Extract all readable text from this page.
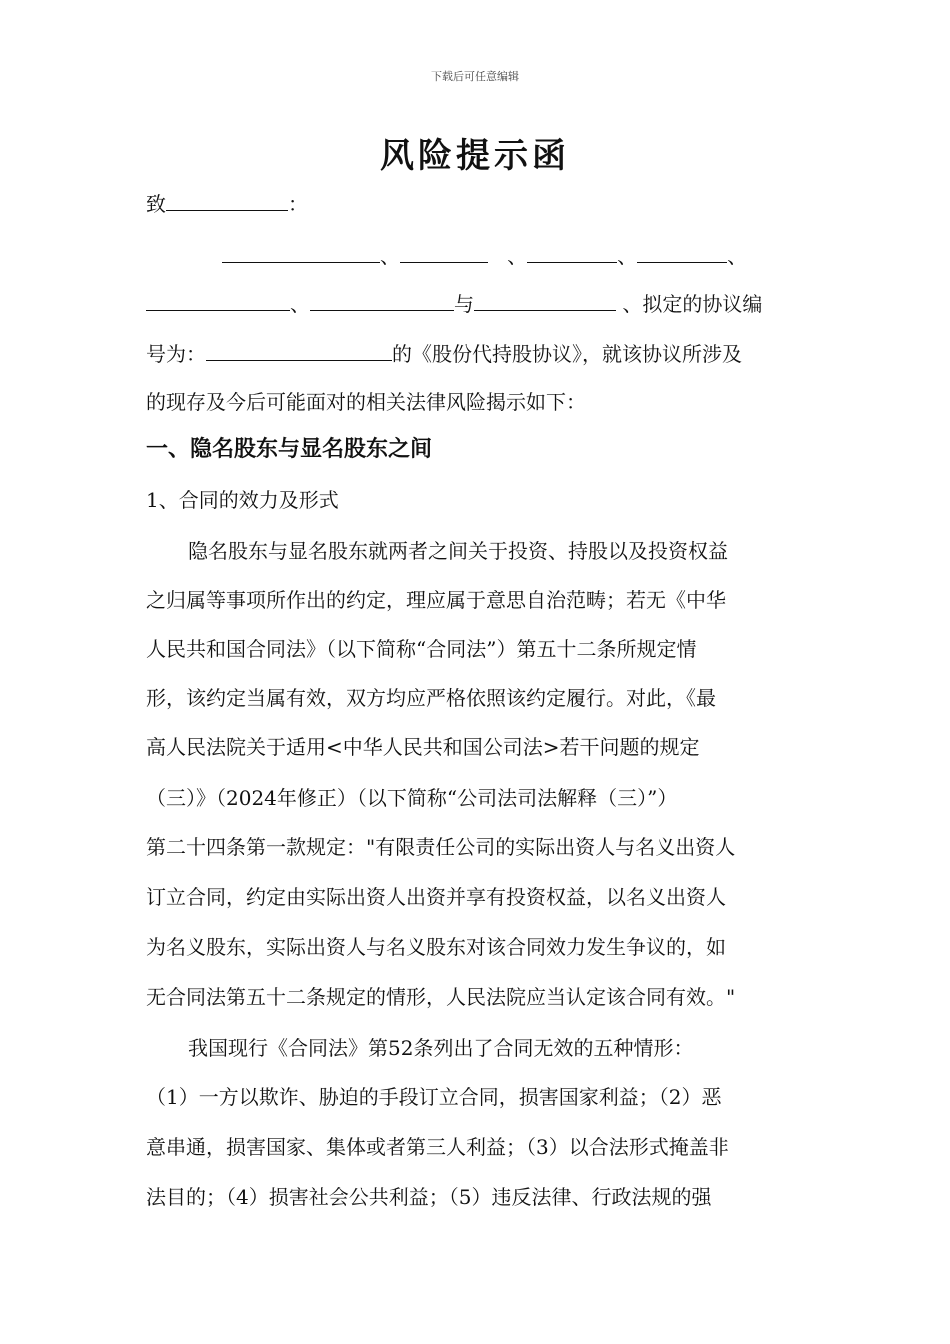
下载后可任意编辑
风险提示函
致	：
、	、	、	、
、	与	、拟定的协议编
号为：	的《股份代持股协议》，就该协议所涉及
的现存及今后可能面对的相关法律风险揭示如下：
一、隐名股东与显名股东之间
1、合同的效力及形式
隐名股东与显名股东就两者之间关于投资、持股以及投资权益
之归属等事项所作出的约定，理应属于意思自治范畴；若无《中华
人民共和国合同法》（以下简称“合同法”）第五十二条所规定情
形，该约定当属有效，双方均应严格依照该约定履行。对此，《最
高人民法院关于适用<中华人民共和国公司法>若干问题的规定
（三）》（2024年修正）（以下简称“公司法司法解释（三）”）
第二十四条第一款规定："有限责任公司的实际出资人与名义出资人
订立合同，约定由实际出资人出资并享有投资权益，以名义出资人
为名义股东，实际出资人与名义股东对该合同效力发生争议的，如
无合同法第五十二条规定的情形，人民法院应当认定该合同有效。"
我国现行《合同法》第52条列出了合同无效的五种情形：
（1）一方以欺诈、胁迫的手段订立合同，损害国家利益；（2）恶
意串通，损害国家、集体或者第三人利益；（3）以合法形式掩盖非
法目的；（4）损害社会公共利益；（5）违反法律、行政法规的强
